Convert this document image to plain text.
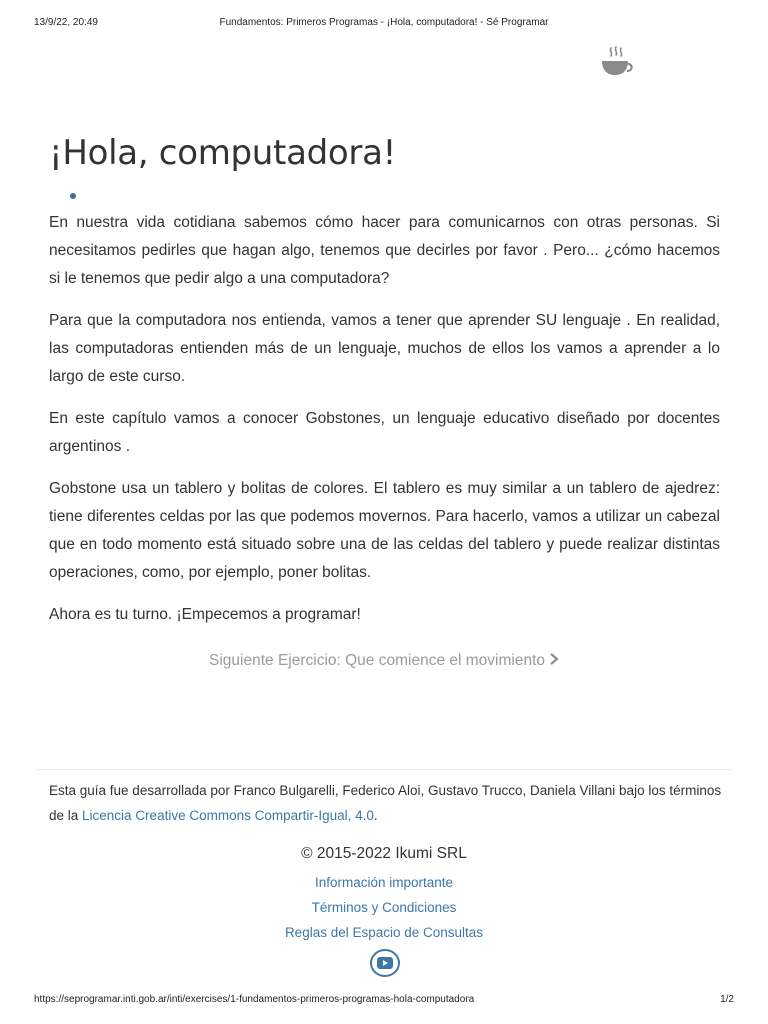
13/9/22, 20:49	Fundamentos: Primeros Programas - ¡Hola, computadora! - Sé Programar
¡Hola, computadora!

En nuestra vida cotidiana sabemos cómo hacer para comunicarnos con otras personas. Si necesitamos pedirles que hagan algo, tenemos que decirles por favor . Pero... ¿cómo hacemos si le tenemos que pedir algo a una computadora?

Para que la computadora nos entienda, vamos a tener que aprender SU lenguaje . En realidad, las computadoras entienden más de un lenguaje, muchos de ellos los vamos a aprender a lo largo de este curso.

En este capítulo vamos a conocer Gobstones, un lenguaje educativo diseñado por docentes argentinos .

Gobstone usa un tablero y bolitas de colores. El tablero es muy similar a un tablero de ajedrez: tiene diferentes celdas por las que podemos movernos. Para hacerlo, vamos a utilizar un cabezal que en todo momento está situado sobre una de las celdas del tablero y puede realizar distintas operaciones, como, por ejemplo, poner bolitas.

Ahora es tu turno. ¡Empecemos a programar!

Siguiente Ejercicio: Que comience el movimiento
Esta guía fue desarrollada por Franco Bulgarelli, Federico Aloi, Gustavo Trucco, Daniela Villani bajo los términos de la Licencia Creative Commons Compartir-Igual, 4.0.
© 2015-2022 Ikumi SRL
Información importante
Términos y Condiciones
Reglas del Espacio de Consultas
https://seprogramar.inti.gob.ar/inti/exercises/1-fundamentos-primeros-programas-hola-computadora	1/2
